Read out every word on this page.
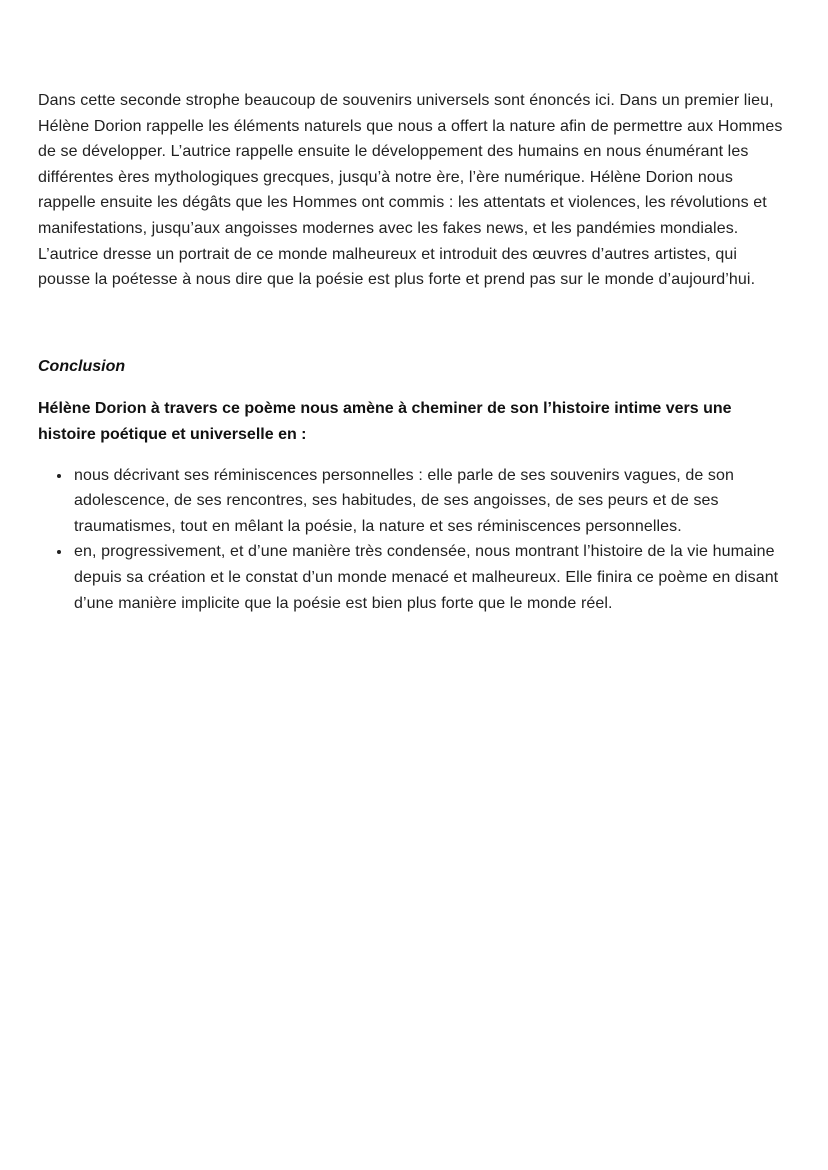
Dans cette seconde strophe beaucoup de souvenirs universels sont énoncés ici. Dans un premier lieu, Hélène Dorion rappelle les éléments naturels que nous a offert la nature afin de permettre aux Hommes de se développer. L’autrice rappelle ensuite le développement des humains en nous énumérant les différentes ères mythologiques grecques, jusqu’à notre ère, l’ère numérique. Hélène Dorion nous rappelle ensuite les dégâts que les Hommes ont commis : les attentats et violences, les révolutions et manifestations, jusqu’aux angoisses modernes avec les fakes news, et les pandémies mondiales. L’autrice dresse un portrait de ce monde malheureux et introduit des œuvres d’autres artistes, qui pousse la poétesse à nous dire que la poésie est plus forte et prend pas sur le monde d’aujourd’hui.

Conclusion

Hélène Dorion à travers ce poème nous amène à cheminer de son l’histoire intime vers une histoire poétique et universelle en :

• nous décrivant ses réminiscences personnelles : elle parle de ses souvenirs vagues, de son adolescence, de ses rencontres, ses habitudes, de ses angoisses, de ses peurs et de ses traumatismes, tout en mêlant la poésie, la nature et ses réminiscences personnelles.
• en, progressivement, et d’une manière très condensée, nous montrant l’histoire de la vie humaine depuis sa création et le constat d’un monde menacé et malheureux. Elle finira ce poème en disant d’une manière implicite que la poésie est bien plus forte que le monde réel.
